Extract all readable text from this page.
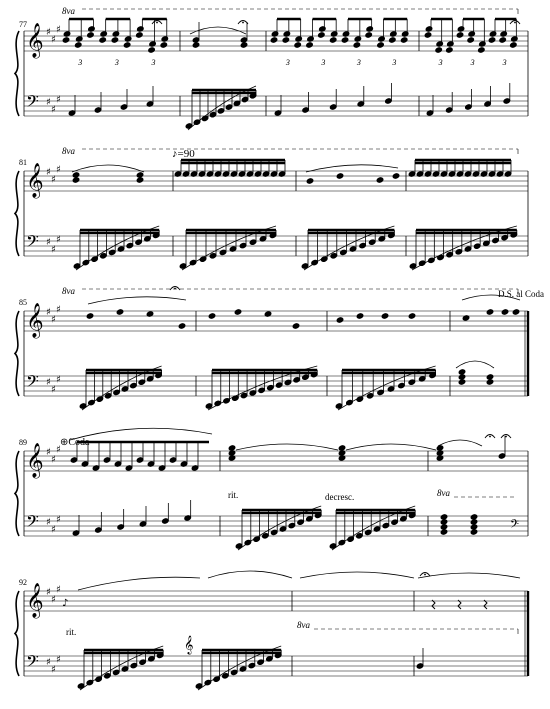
𝄞
𝄢
♯
♯
♯
♯
♯
♯
𝄞
𝄢
♯
♯
♯
♯
♯
♯
𝄞
𝄢
♯
♯
♯
♯
♯
♯
𝄞
𝄢
♯
♯
♯
♯
♯
♯
𝄞
𝄢
♯
♯
♯
♯
♯
♯
3	3	3	3	3	3	3	3	3	3
𝄢
♪
𝄞
77
81
85
89
92
8va
8va
8va
8va
8va
♪=90
D.S. al Coda
⊕Coda
rit.	decresc.
rit.
